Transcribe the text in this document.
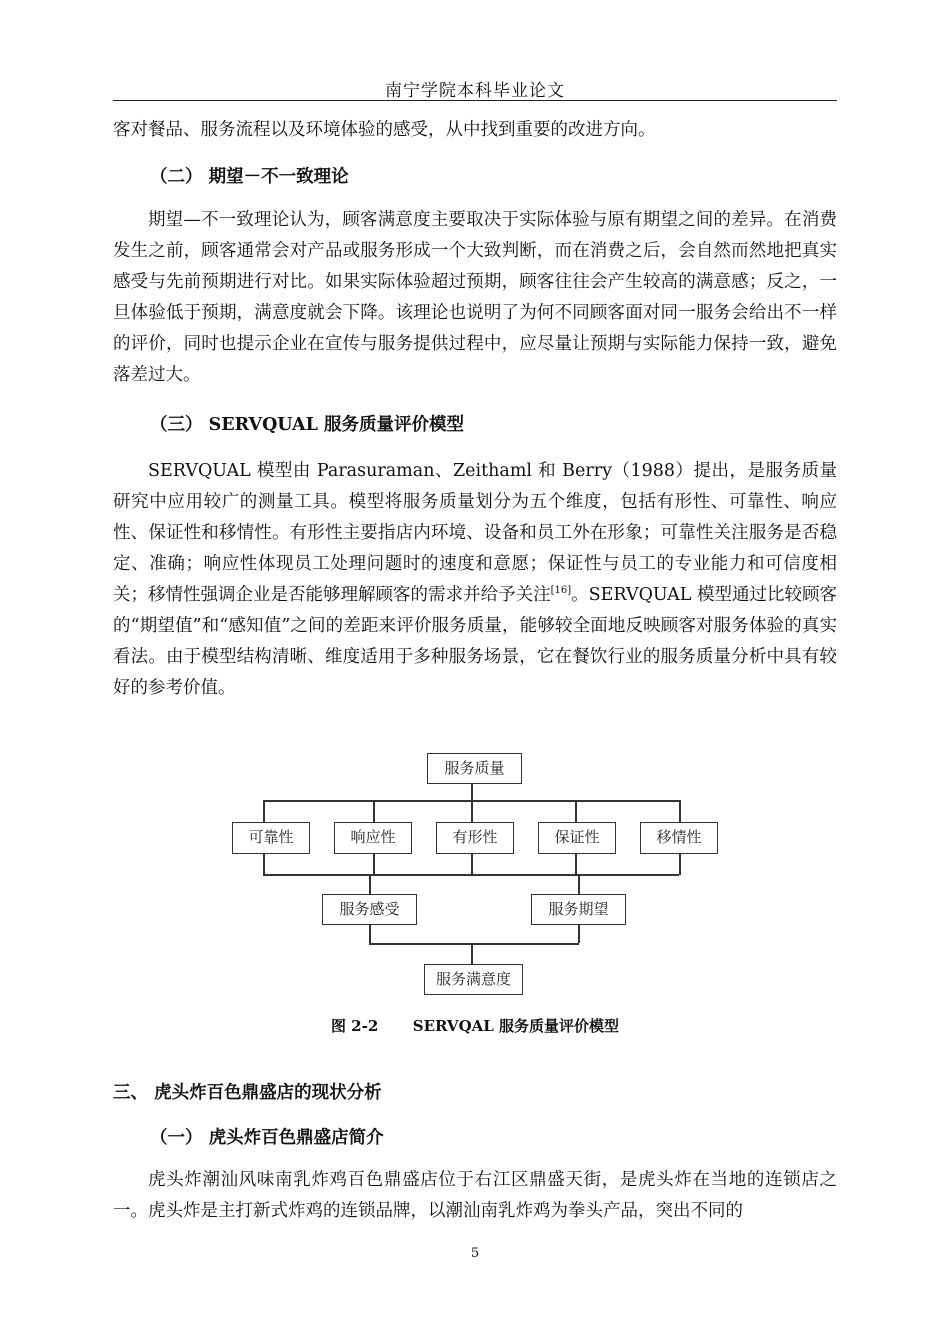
南宁学院本科毕业论文
客对餐品、服务流程以及环境体验的感受，从中找到重要的改进方向。
（二） 期望－不一致理论
期望—不一致理论认为，顾客满意度主要取决于实际体验与原有期望之间的差异。在消费发生之前，顾客通常会对产品或服务形成一个大致判断，而在消费之后，会自然而然地把真实感受与先前预期进行对比。如果实际体验超过预期，顾客往往会产生较高的满意感；反之，一旦体验低于预期，满意度就会下降。该理论也说明了为何不同顾客面对同一服务会给出不一样的评价，同时也提示企业在宣传与服务提供过程中，应尽量让预期与实际能力保持一致，避免落差过大。
（三） SERVQUAL 服务质量评价模型
SERVQUAL 模型由 Parasuraman、Zeithaml 和 Berry（1988）提出，是服务质量研究中应用较广的测量工具。模型将服务质量划分为五个维度，包括有形性、可靠性、响应性、保证性和移情性。有形性主要指店内环境、设备和员工外在形象；可靠性关注服务是否稳定、准确；响应性体现员工处理问题时的速度和意愿；保证性与员工的专业能力和可信度相关；移情性强调企业是否能够理解顾客的需求并给予关注[16]。SERVQUAL 模型通过比较顾客的“期望值”和“感知值”之间的差距来评价服务质量，能够较全面地反映顾客对服务体验的真实看法。由于模型结构清晰、维度适用于多种服务场景，它在餐饮行业的服务质量分析中具有较好的参考价值。
服务质量
可靠性	响应性	有形性	保证性	移情性
服务感受	服务期望
服务满意度
图 2-2 SERVQAL 服务质量评价模型
三、 虎头炸百色鼎盛店的现状分析
（一） 虎头炸百色鼎盛店简介
虎头炸潮汕风味南乳炸鸡百色鼎盛店位于右江区鼎盛天街，是虎头炸在当地的连锁店之一。虎头炸是主打新式炸鸡的连锁品牌，以潮汕南乳炸鸡为拳头产品，突出不同的
5
